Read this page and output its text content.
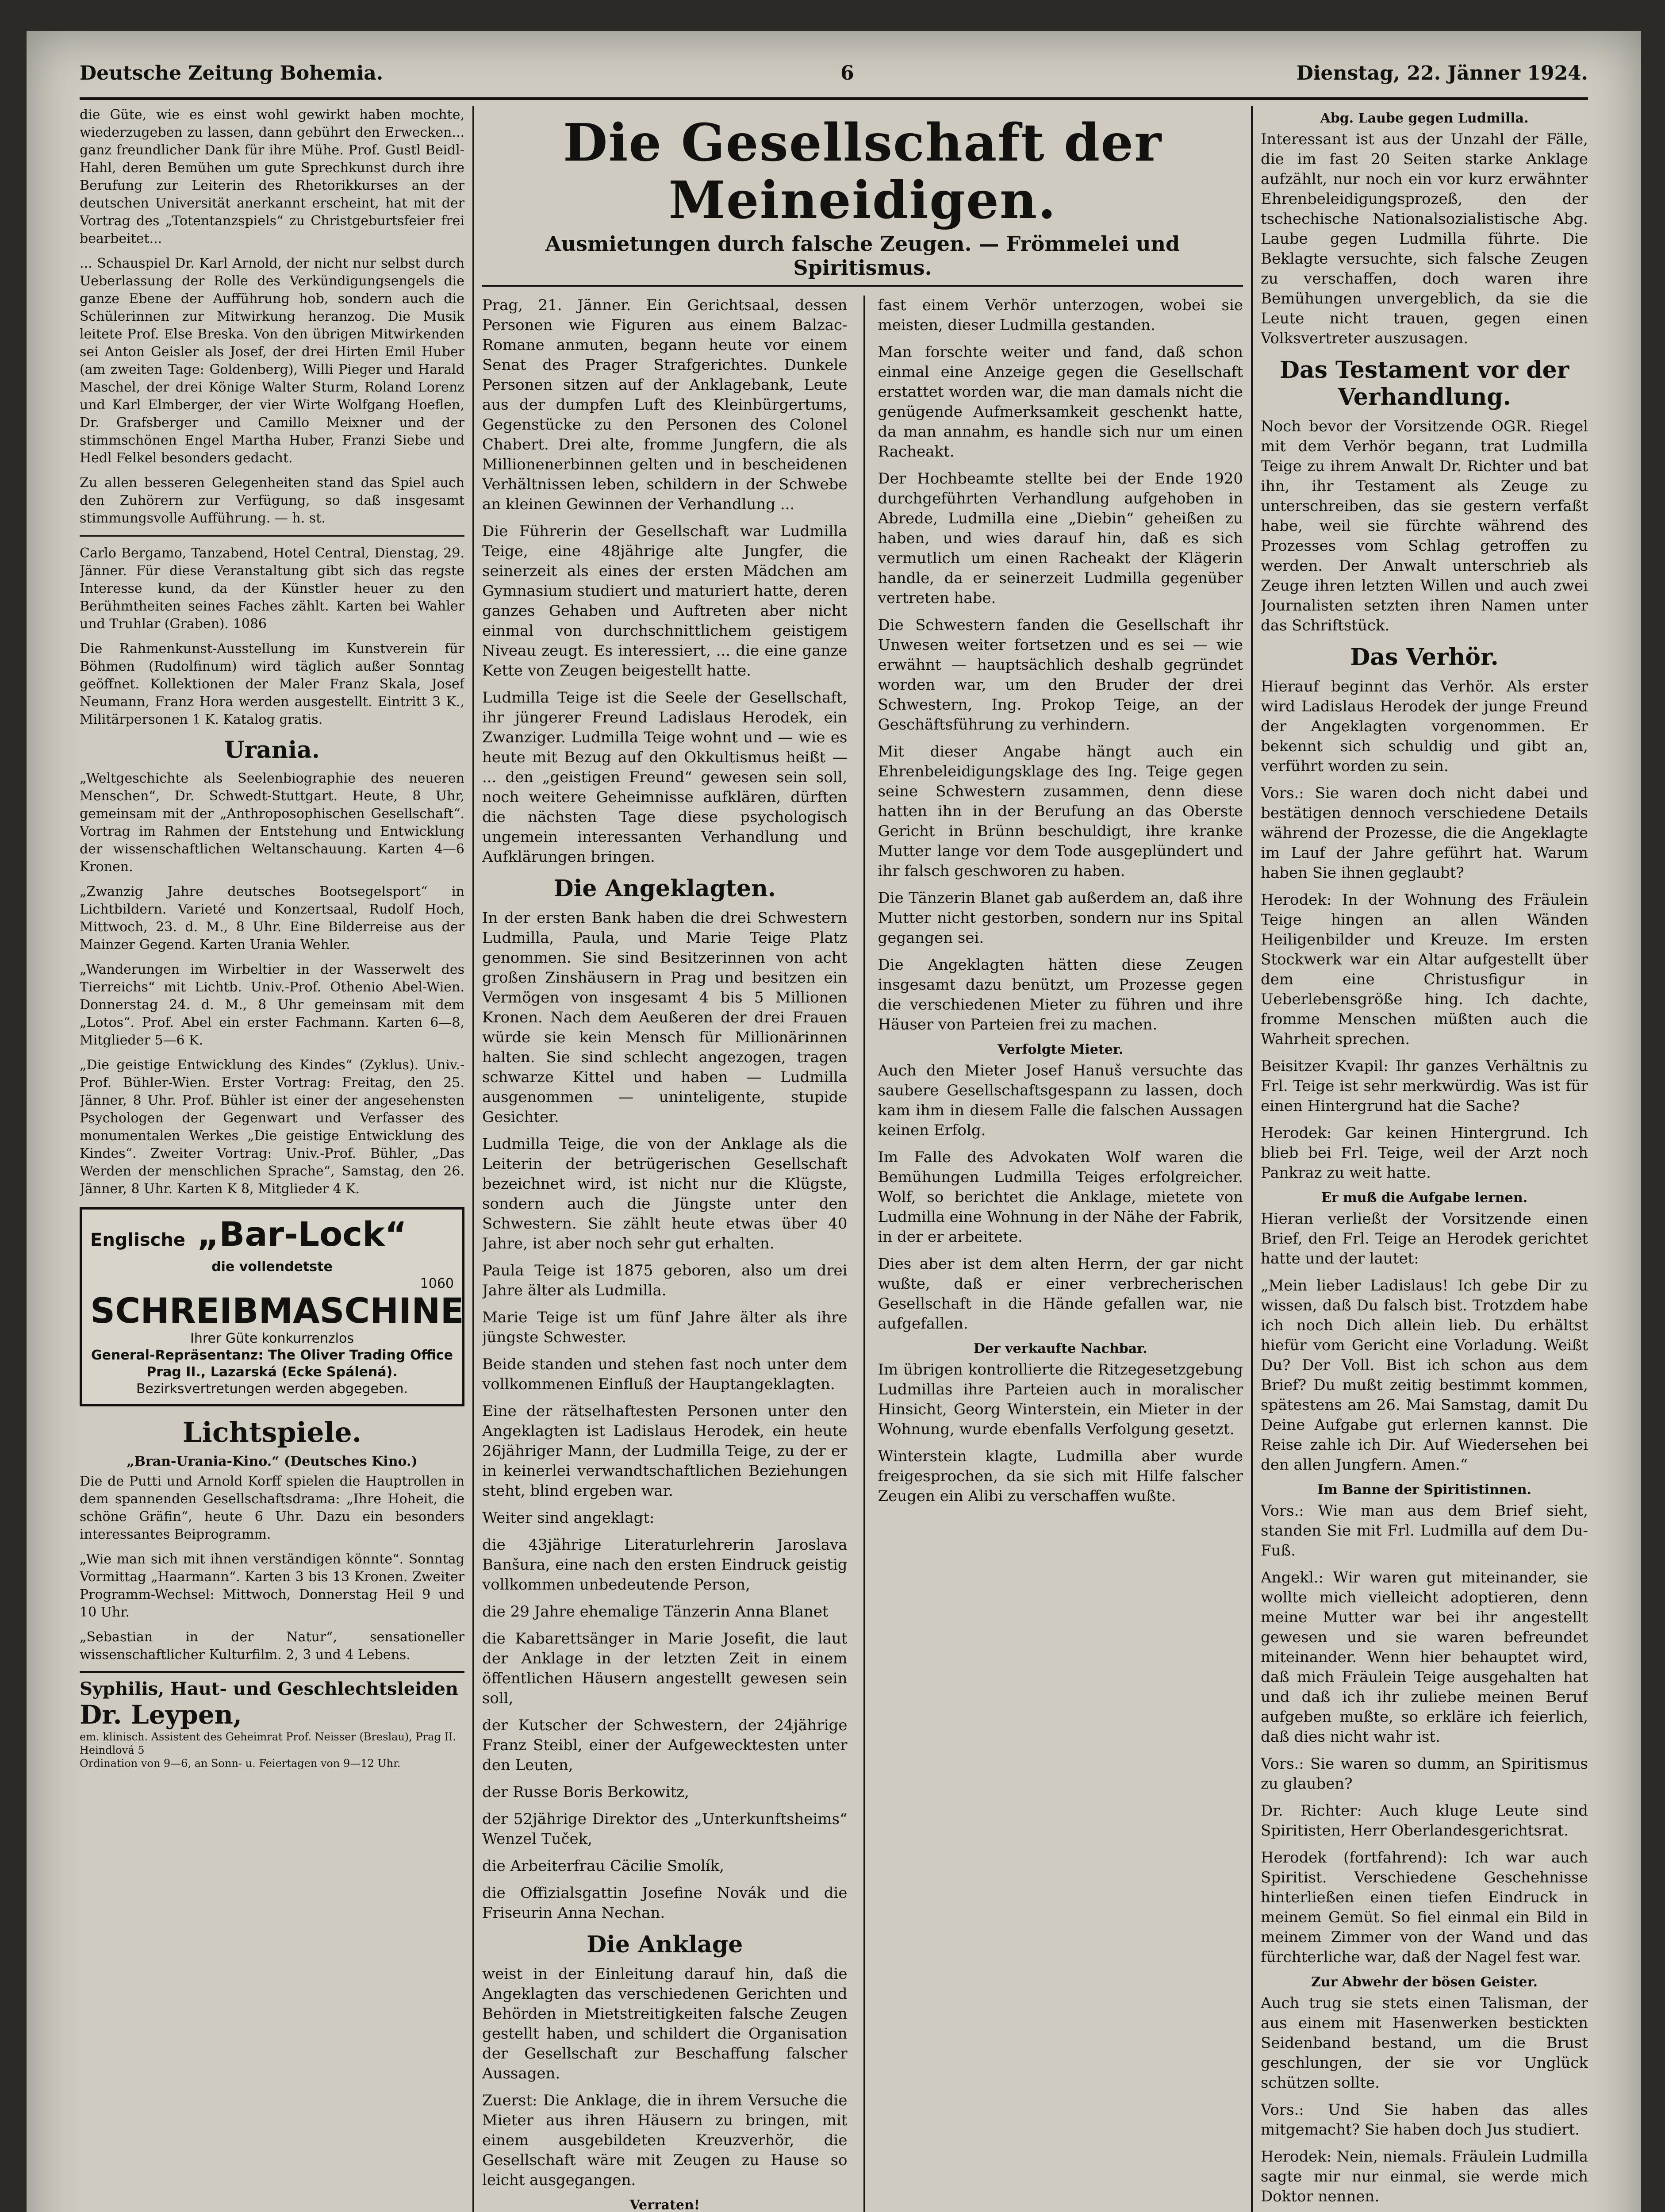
Deutsche Zeitung Bohemia.	6	Dienstag, 22. Jänner 1924.

die Güte, wie es einst wohl gewirkt haben mochte, wiederzugeben zu lassen, dann gebührt den Erwecken... ganz freundlicher Dank für ihre Mühe. Prof. Gustl Beidl-Hahl, deren Bemühen um gute Sprechkunst durch ihre Berufung zur Leiterin des Rhetorikkurses an der deutschen Universität anerkannt erscheint, hat mit der Vortrag des „Totentanzspiels“ zu Christgeburtsfeier frei bearbeitet...

... Schauspiel Dr. Karl Arnold, der nicht nur selbst durch Ueberlassung der Rolle des Verkündigungsengels die ganze Ebene der Aufführung hob, sondern auch die Schülerinnen zur Mitwirkung heranzog. Die Musik leitete Prof. Else Breska. Von den übrigen Mitwirkenden sei Anton Geisler als Josef, der drei Hirten Emil Huber (am zweiten Tage: Goldenberg), Willi Pieger und Harald Maschel, der drei Könige Walter Sturm, Roland Lorenz und Karl Elmberger, der vier Wirte Wolfgang Hoeflen, Dr. Grafsberger und Camillo Meixner und der stimmschönen Engel Martha Huber, Franzi Siebe und Hedl Felkel besonders gedacht.

Zu allen besseren Gelegenheiten stand das Spiel auch den Zuhörern zur Verfügung, so daß insgesamt stimmungsvolle Aufführung. — h. st.

Carlo Bergamo, Tanzabend, Hotel Central, Dienstag, 29. Jänner. Für diese Veranstaltung gibt sich das regste Interesse kund, da der Künstler heuer zu den Berühmtheiten seines Faches zählt. Karten bei Wahler und Truhlar (Graben). 1086

Die Rahmenkunst-Ausstellung im Kunstverein für Böhmen (Rudolfinum) wird täglich außer Sonntag geöffnet. Kollektionen der Maler Franz Skala, Josef Neumann, Franz Hora werden ausgestellt. Eintritt 3 K., Militärpersonen 1 K. Katalog gratis.

Urania.

„Weltgeschichte als Seelenbiographie des neueren Menschen“, Dr. Schwedt-Stuttgart. Heute, 8 Uhr, gemeinsam mit der „Anthroposophischen Gesellschaft“. Vortrag im Rahmen der Entstehung und Entwicklung der wissenschaftlichen Weltanschauung. Karten 4—6 Kronen.

„Zwanzig Jahre deutsches Bootsegelsport“ in Lichtbildern. Varieté und Konzertsaal, Rudolf Hoch, Mittwoch, 23. d. M., 8 Uhr. Eine Bilderreise aus der Mainzer Gegend. Karten Urania Wehler.

„Wanderungen im Wirbeltier in der Wasserwelt des Tierreichs“ mit Lichtb. Univ.-Prof. Othenio Abel-Wien. Donnerstag 24. d. M., 8 Uhr gemeinsam mit dem „Lotos“. Prof. Abel ein erster Fachmann. Karten 6—8, Mitglieder 5—6 K.

„Die geistige Entwicklung des Kindes“ (Zyklus). Univ.-Prof. Bühler-Wien. Erster Vortrag: Freitag, den 25. Jänner, 8 Uhr. Prof. Bühler ist einer der angesehensten Psychologen der Gegenwart und Verfasser des monumentalen Werkes „Die geistige Entwicklung des Kindes“. Zweiter Vortrag: Univ.-Prof. Bühler, „Das Werden der menschlichen Sprache“, Samstag, den 26. Jänner, 8 Uhr. Karten K 8, Mitglieder 4 K.

Englische „Bar-Lock“
die vollendetste
1060
SCHREIBMASCHINE
Ihrer Güte konkurrenzlos
General-Repräsentanz: The Oliver Trading Office Prag II., Lazarská (Ecke Spálená).
Bezirksvertretungen werden abgegeben.
Lichtspiele.
„Bran-Urania-Kino.“ (Deutsches Kino.)

Die de Putti und Arnold Korff spielen die Hauptrollen in dem spannenden Gesellschaftsdrama: „Ihre Hoheit, die schöne Gräfin“, heute 6 Uhr. Dazu ein besonders interessantes Beiprogramm.

„Wie man sich mit ihnen verständigen könnte“. Sonntag Vormittag „Haarmann“. Karten 3 bis 13 Kronen. Zweiter Programm-Wechsel: Mittwoch, Donnerstag Heil 9 und 10 Uhr.

„Sebastian in der Natur“, sensationeller wissenschaftlicher Kulturfilm. 2, 3 und 4 Lebens.

Syphilis, Haut- und Geschlechtsleiden
Dr. Leypen,
em. klinisch. Assistent des Geheimrat Prof. Neisser (Breslau), Prag II. Heindlová 5
Ordination von 9—6, an Sonn- u. Feiertagen von 9—12 Uhr.
Die Gesellschaft der Meineidigen.
Ausmietungen durch falsche Zeugen. — Frömmelei und Spiritismus.

Prag, 21. Jänner. Ein Gerichtsaal, dessen Personen wie Figuren aus einem Balzac-Romane anmuten, begann heute vor einem Senat des Prager Strafgerichtes. Dunkele Personen sitzen auf der Anklagebank, Leute aus der dumpfen Luft des Kleinbürgertums, Gegenstücke zu den Personen des Colonel Chabert. Drei alte, fromme Jungfern, die als Millionenerbinnen gelten und in bescheidenen Verhältnissen leben, schildern in der Schwebe an kleinen Gewinnen der Verhandlung ...

Die Führerin der Gesellschaft war Ludmilla Teige, eine 48jährige alte Jungfer, die seinerzeit als eines der ersten Mädchen am Gymnasium studiert und maturiert hatte, deren ganzes Gehaben und Auftreten aber nicht einmal von durchschnittlichem geistigem Niveau zeugt. Es interessiert, ... die eine ganze Kette von Zeugen beigestellt hatte.

Ludmilla Teige ist die Seele der Gesellschaft, ihr jüngerer Freund Ladislaus Herodek, ein Zwanziger. Ludmilla Teige wohnt und — wie es heute mit Bezug auf den Okkultismus heißt — ... den „geistigen Freund“ gewesen sein soll, noch weitere Geheimnisse aufklären, dürften die nächsten Tage diese psychologisch ungemein interessanten Verhandlung und Aufklärungen bringen.

Die Angeklagten.

In der ersten Bank haben die drei Schwestern Ludmilla, Paula, und Marie Teige Platz genommen. Sie sind Besitzerinnen von acht großen Zinshäusern in Prag und besitzen ein Vermögen von insgesamt 4 bis 5 Millionen Kronen. Nach dem Aeußeren der drei Frauen würde sie kein Mensch für Millionärinnen halten. Sie sind schlecht angezogen, tragen schwarze Kittel und haben — Ludmilla ausgenommen — uninteligente, stupide Gesichter.

Ludmilla Teige, die von der Anklage als die Leiterin der betrügerischen Gesellschaft bezeichnet wird, ist nicht nur die Klügste, sondern auch die Jüngste unter den Schwestern. Sie zählt heute etwas über 40 Jahre, ist aber noch sehr gut erhalten.

Paula Teige ist 1875 geboren, also um drei Jahre älter als Ludmilla.

Marie Teige ist um fünf Jahre älter als ihre jüngste Schwester.

Beide standen und stehen fast noch unter dem vollkommenen Einfluß der Hauptangeklagten.

Eine der rätselhaftesten Personen unter den Angeklagten ist Ladislaus Herodek, ein heute 26jähriger Mann, der Ludmilla Teige, zu der er in keinerlei verwandtschaftlichen Beziehungen steht, blind ergeben war.

Weiter sind angeklagt:

die 43jährige Literaturlehrerin Jaroslava Banšura, eine nach den ersten Eindruck geistig vollkommen unbedeutende Person,

die 29 Jahre ehemalige Tänzerin Anna Blanet

die Kabarettsänger in Marie Josefit, die laut der Anklage in der letzten Zeit in einem öffentlichen Häusern angestellt gewesen sein soll,

der Kutscher der Schwestern, der 24jährige Franz Steibl, einer der Aufgewecktesten unter den Leuten,

der Russe Boris Berkowitz,

der 52jährige Direktor des „Unterkunftsheims“ Wenzel Tuček,

die Arbeiterfrau Cäcilie Smolík,

die Offizialsgattin Josefine Novák und die Friseurin Anna Nechan.

Die Anklage

weist in der Einleitung darauf hin, daß die Angeklagten das verschiedenen Gerichten und Behörden in Mietstreitigkeiten falsche Zeugen gestellt haben, und schildert die Organisation der Gesellschaft zur Beschaffung falscher Aussagen.

Zuerst: Die Anklage, die in ihrem Versuche die Mieter aus ihren Häusern zu bringen, mit einem ausgebildeten Kreuzverhör, die Gesellschaft wäre mit Zeugen zu Hause so leicht ausgegangen.

Verraten!

fast einem Verhör unterzogen, wobei sie meisten, dieser Ludmilla gestanden.

Man forschte weiter und fand, daß schon einmal eine Anzeige gegen die Gesellschaft erstattet worden war, die man damals nicht die genügende Aufmerksamkeit geschenkt hatte, da man annahm, es handle sich nur um einen Racheakt.

Der Hochbeamte stellte bei der Ende 1920 durchgeführten Verhandlung aufgehoben in Abrede, Ludmilla eine „Diebin“ geheißen zu haben, und wies darauf hin, daß es sich vermutlich um einen Racheakt der Klägerin handle, da er seinerzeit Ludmilla gegenüber vertreten habe.

Die Schwestern fanden die Gesellschaft ihr Unwesen weiter fortsetzen und es sei — wie erwähnt — hauptsächlich deshalb gegründet worden war, um den Bruder der drei Schwestern, Ing. Prokop Teige, an der Geschäftsführung zu verhindern.

Mit dieser Angabe hängt auch ein Ehrenbeleidigungsklage des Ing. Teige gegen seine Schwestern zusammen, denn diese hatten ihn in der Berufung an das Oberste Gericht in Brünn beschuldigt, ihre kranke Mutter lange vor dem Tode ausgeplündert und ihr falsch geschworen zu haben.

Die Tänzerin Blanet gab außerdem an, daß ihre Mutter nicht gestorben, sondern nur ins Spital gegangen sei.

Die Angeklagten hätten diese Zeugen insgesamt dazu benützt, um Prozesse gegen die verschiedenen Mieter zu führen und ihre Häuser von Parteien frei zu machen.

Verfolgte Mieter.

Auch den Mieter Josef Hanuš versuchte das saubere Gesellschaftsgespann zu lassen, doch kam ihm in diesem Falle die falschen Aussagen keinen Erfolg.

Im Falle des Advokaten Wolf waren die Bemühungen Ludmilla Teiges erfolgreicher. Wolf, so berichtet die Anklage, mietete von Ludmilla eine Wohnung in der Nähe der Fabrik, in der er arbeitete.

Dies aber ist dem alten Herrn, der gar nicht wußte, daß er einer verbrecherischen Gesellschaft in die Hände gefallen war, nie aufgefallen.

Der verkaufte Nachbar.

Im übrigen kontrollierte die Ritzegesetzgebung Ludmillas ihre Parteien auch in moralischer Hinsicht, Georg Winterstein, ein Mieter in der Wohnung, wurde ebenfalls Verfolgung gesetzt.

Winterstein klagte, Ludmilla aber wurde freigesprochen, da sie sich mit Hilfe falscher Zeugen ein Alibi zu verschaffen wußte.

Abg. Laube gegen Ludmilla.

Interessant ist aus der Unzahl der Fälle, die im fast 20 Seiten starke Anklage aufzählt, nur noch ein vor kurz erwähnter Ehrenbeleidigungsprozeß, den der tschechische Nationalsozialistische Abg. Laube gegen Ludmilla führte. Die Beklagte versuchte, sich falsche Zeugen zu verschaffen, doch waren ihre Bemühungen unvergeblich, da sie die Leute nicht trauen, gegen einen Volksvertreter auszusagen.

Das Testament vor der Verhandlung.

Noch bevor der Vorsitzende OGR. Riegel mit dem Verhör begann, trat Ludmilla Teige zu ihrem Anwalt Dr. Richter und bat ihn, ihr Testament als Zeuge zu unterschreiben, das sie gestern verfaßt habe, weil sie fürchte während des Prozesses vom Schlag getroffen zu werden. Der Anwalt unterschrieb als Zeuge ihren letzten Willen und auch zwei Journalisten setzten ihren Namen unter das Schriftstück.

Das Verhör.

Hierauf beginnt das Verhör. Als erster wird Ladislaus Herodek der junge Freund der Angeklagten vorgenommen. Er bekennt sich schuldig und gibt an, verführt worden zu sein.

Vors.: Sie waren doch nicht dabei und bestätigen dennoch verschiedene Details während der Prozesse, die die Angeklagte im Lauf der Jahre geführt hat. Warum haben Sie ihnen geglaubt?

Herodek: In der Wohnung des Fräulein Teige hingen an allen Wänden Heiligenbilder und Kreuze. Im ersten Stockwerk war ein Altar aufgestellt über dem eine Christusfigur in Ueberlebensgröße hing. Ich dachte, fromme Menschen müßten auch die Wahrheit sprechen.

Beisitzer Kvapil: Ihr ganzes Verhältnis zu Frl. Teige ist sehr merkwürdig. Was ist für einen Hintergrund hat die Sache?

Herodek: Gar keinen Hintergrund. Ich blieb bei Frl. Teige, weil der Arzt noch Pankraz zu weit hatte.

Er muß die Aufgabe lernen.

Hieran verließt der Vorsitzende einen Brief, den Frl. Teige an Herodek gerichtet hatte und der lautet:

„Mein lieber Ladislaus! Ich gebe Dir zu wissen, daß Du falsch bist. Trotzdem habe ich noch Dich allein lieb. Du erhältst hiefür vom Gericht eine Vorladung. Weißt Du? Der Voll. Bist ich schon aus dem Brief? Du mußt zeitig bestimmt kommen, spätestens am 26. Mai Samstag, damit Du Deine Aufgabe gut erlernen kannst. Die Reise zahle ich Dir. Auf Wiedersehen bei den allen Jungfern. Amen.“

Im Banne der Spiritistinnen.

Vors.: Wie man aus dem Brief sieht, standen Sie mit Frl. Ludmilla auf dem Du-Fuß.

Angekl.: Wir waren gut miteinander, sie wollte mich vielleicht adoptieren, denn meine Mutter war bei ihr angestellt gewesen und sie waren befreundet miteinander. Wenn hier behauptet wird, daß mich Fräulein Teige ausgehalten hat und daß ich ihr zuliebe meinen Beruf aufgeben mußte, so erkläre ich feierlich, daß dies nicht wahr ist.

Vors.: Sie waren so dumm, an Spiritismus zu glauben?

Dr. Richter: Auch kluge Leute sind Spiritisten, Herr Oberlandesgerichtsrat.

Herodek (fortfahrend): Ich war auch Spiritist. Verschiedene Geschehnisse hinterließen einen tiefen Eindruck in meinem Gemüt. So fiel einmal ein Bild in meinem Zimmer von der Wand und das fürchterliche war, daß der Nagel fest war.

Zur Abwehr der bösen Geister.

Auch trug sie stets einen Talisman, der aus einem mit Hasenwerken bestickten Seidenband bestand, um die Brust geschlungen, der sie vor Unglück schützen sollte.

Vors.: Und Sie haben das alles mitgemacht? Sie haben doch Jus studiert.

Herodek: Nein, niemals. Fräulein Ludmilla sagte mir nur einmal, sie werde mich Doktor nennen.
